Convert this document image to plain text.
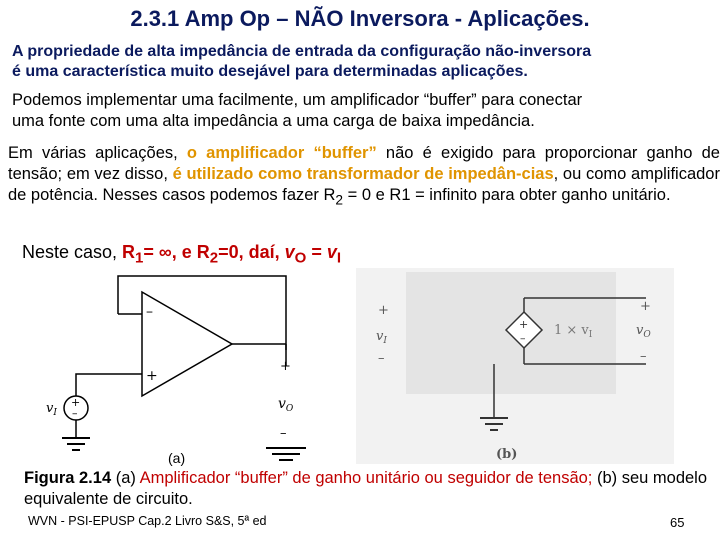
2.3.1 Amp Op – NÃO Inversora - Aplicações.
A propriedade de alta impedância de entrada da configuração não-inversora
é uma característica muito desejável para determinadas aplicações.
Podemos implementar uma facilmente, um amplificador “buffer” para conectar
uma fonte com uma alta impedância a uma carga de baixa impedância.
Em várias aplicações, o amplificador “buffer” não é exigido para proporcionar ganho de tensão; em vez disso, é utilizado como transformador de impedân-cias, ou como amplificador de potência. Nesses casos podemos fazer $R_2 = 0$ e R1 = infinito para obter ganho unitário.
Neste caso, $R_1=$ ∞, e $R_2=0$, daí, $v_O = v_I$
–
+
+
$v_O$
–
+
–
$v_I$
(a)
+
$v_I$
–
+
–
$1 \times v_I$
+
$v_O$
–
(b)
Figura 2.14 (a) Amplificador “buffer” de ganho unitário ou seguidor de tensão; (b) seu modelo equivalente de circuito.
WVN - PSI-EPUSP Cap.2 Livro S&S, 5ª ed	65
